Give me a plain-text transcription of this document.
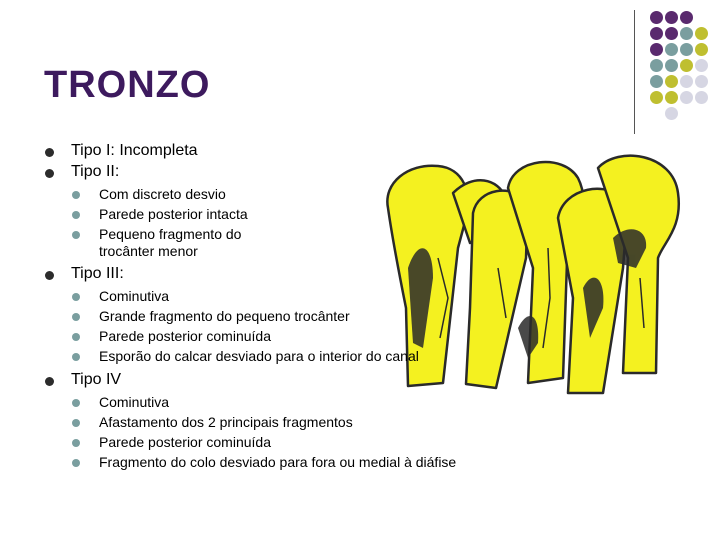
TRONZO
Tipo I: Incompleta
Tipo II:
Com discreto desvio
Parede posterior intacta
Pequeno fragmento do
trocânter menor
Tipo III:
Cominutiva
Grande fragmento do pequeno trocânter
Parede posterior cominuída
Esporão do calcar desviado para o interior do canal
Tipo IV
Cominutiva
Afastamento dos 2 principais fragmentos
Parede posterior cominuída
Fragmento do colo desviado para fora ou medial à diáfise
